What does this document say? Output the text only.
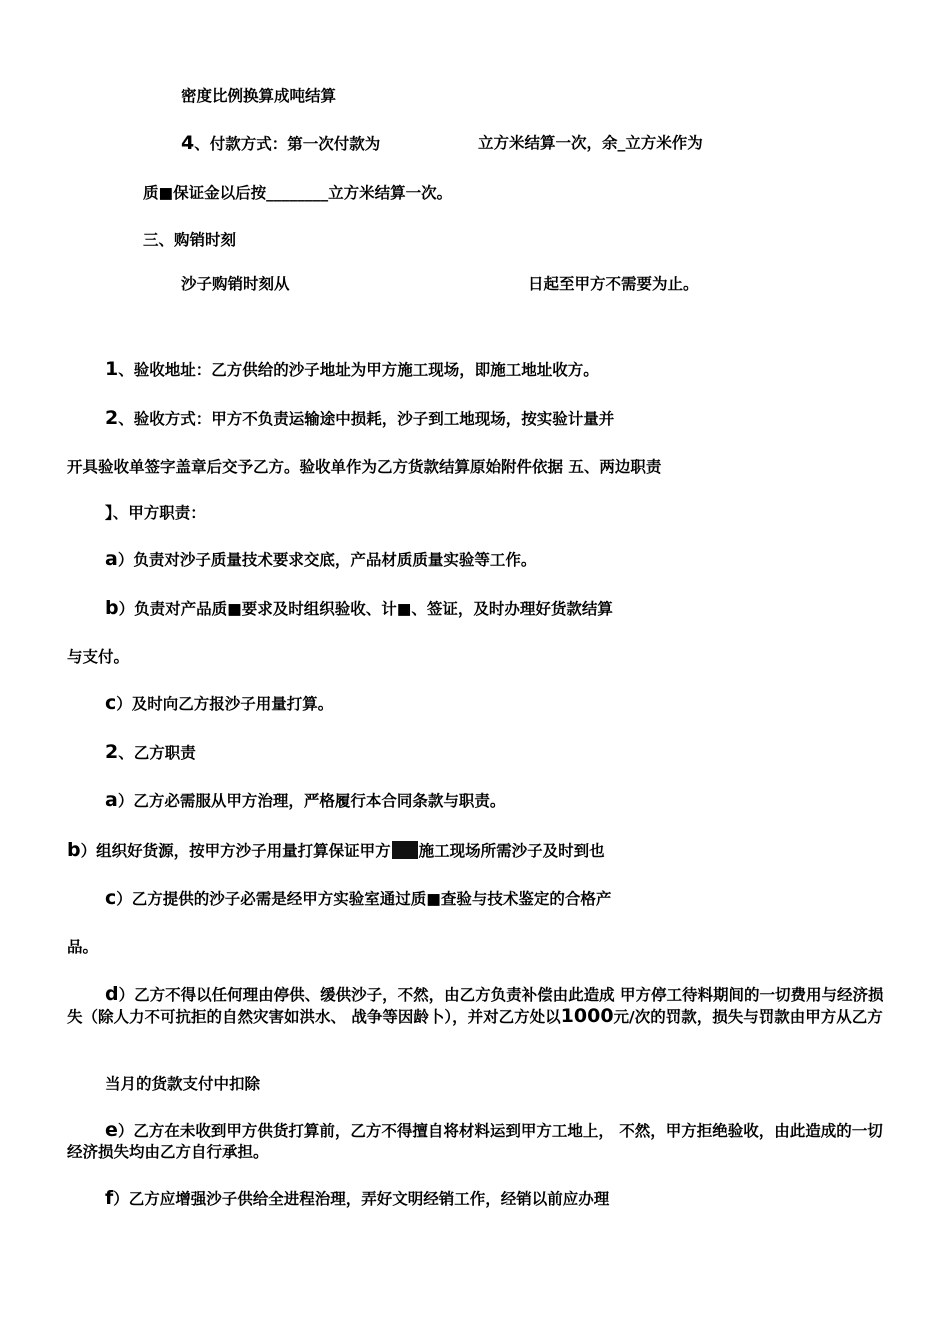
密度比例换算成吨结算
4、付款方式：第一次付款为	立方米结算一次，余_立方米作为
质■保证金以后按________立方米结算一次。
三、购销时刻
沙子购销时刻从	日起至甲方不需要为止。
1、验收地址：乙方供给的沙子地址为甲方施工现场，即施工地址收方。
2、验收方式：甲方不负责运输途中损耗，沙子到工地现场，按实验计量并
开具验收单签字盖章后交予乙方。验收单作为乙方货款结算原始附件依据 五、两边职责
】、甲方职责：
a）负责对沙子质量技术要求交底，产品材质质量实验等工作。
b）负责对产品质■要求及时组织验收、计■、签证，及时办理好货款结算
与支付。
c）及时向乙方报沙子用量打算。
2、乙方职责
a）乙方必需服从甲方治理，严格履行本合同条款与职责。
b）组织好货源，按甲方沙子用量打算保证甲方 施工现场所需沙子及时到也
c）乙方提供的沙子必需是经甲方实验室通过质■查验与技术鉴定的合格产
品。
d）乙方不得以任何理由停供、缓供沙子，不然，由乙方负责补偿由此造成 甲方停工待料期间的一切费用与经济损失（除人力不可抗拒的自然灾害如洪水、 战争等因龄卜），并对乙方处以1000元/次的罚款，损失与罚款由甲方从乙方
当月的货款支付中扣除
e）乙方在未收到甲方供货打算前，乙方不得擅自将材料运到甲方工地上， 不然，甲方拒绝验收，由此造成的一切经济损失均由乙方自行承担。
f）乙方应增强沙子供给全进程治理，弄好文明经销工作，经销以前应办理
